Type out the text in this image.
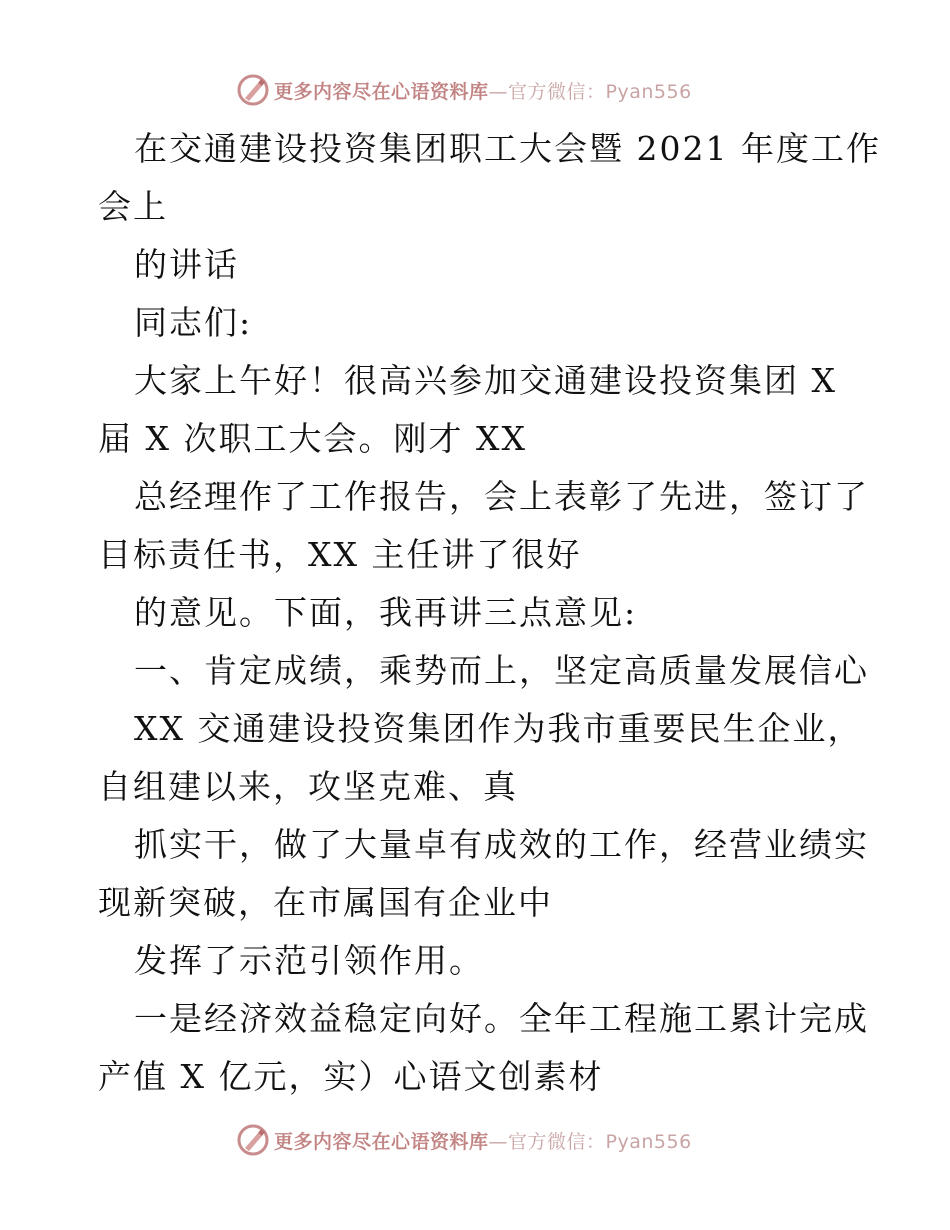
更多内容尽在心语资料库—官方微信：Pyan556
在交通建设投资集团职工大会暨 2021 年度工作
会上
的讲话
同志们:
大家上午好！很高兴参加交通建设投资集团 X
届 X 次职工大会。刚才 XX
总经理作了工作报告，会上表彰了先进，签订了
目标责任书，XX 主任讲了很好
的意见。下面，我再讲三点意见:
一、肯定成绩，乘势而上，坚定高质量发展信心
XX 交通建设投资集团作为我市重要民生企业，
自组建以来，攻坚克难、真
抓实干，做了大量卓有成效的工作，经营业绩实
现新突破，在市属国有企业中
发挥了示范引领作用。
一是经济效益稳定向好。全年工程施工累计完成
产值 X 亿元，实）心语文创素材
更多内容尽在心语资料库—官方微信：Pyan556
